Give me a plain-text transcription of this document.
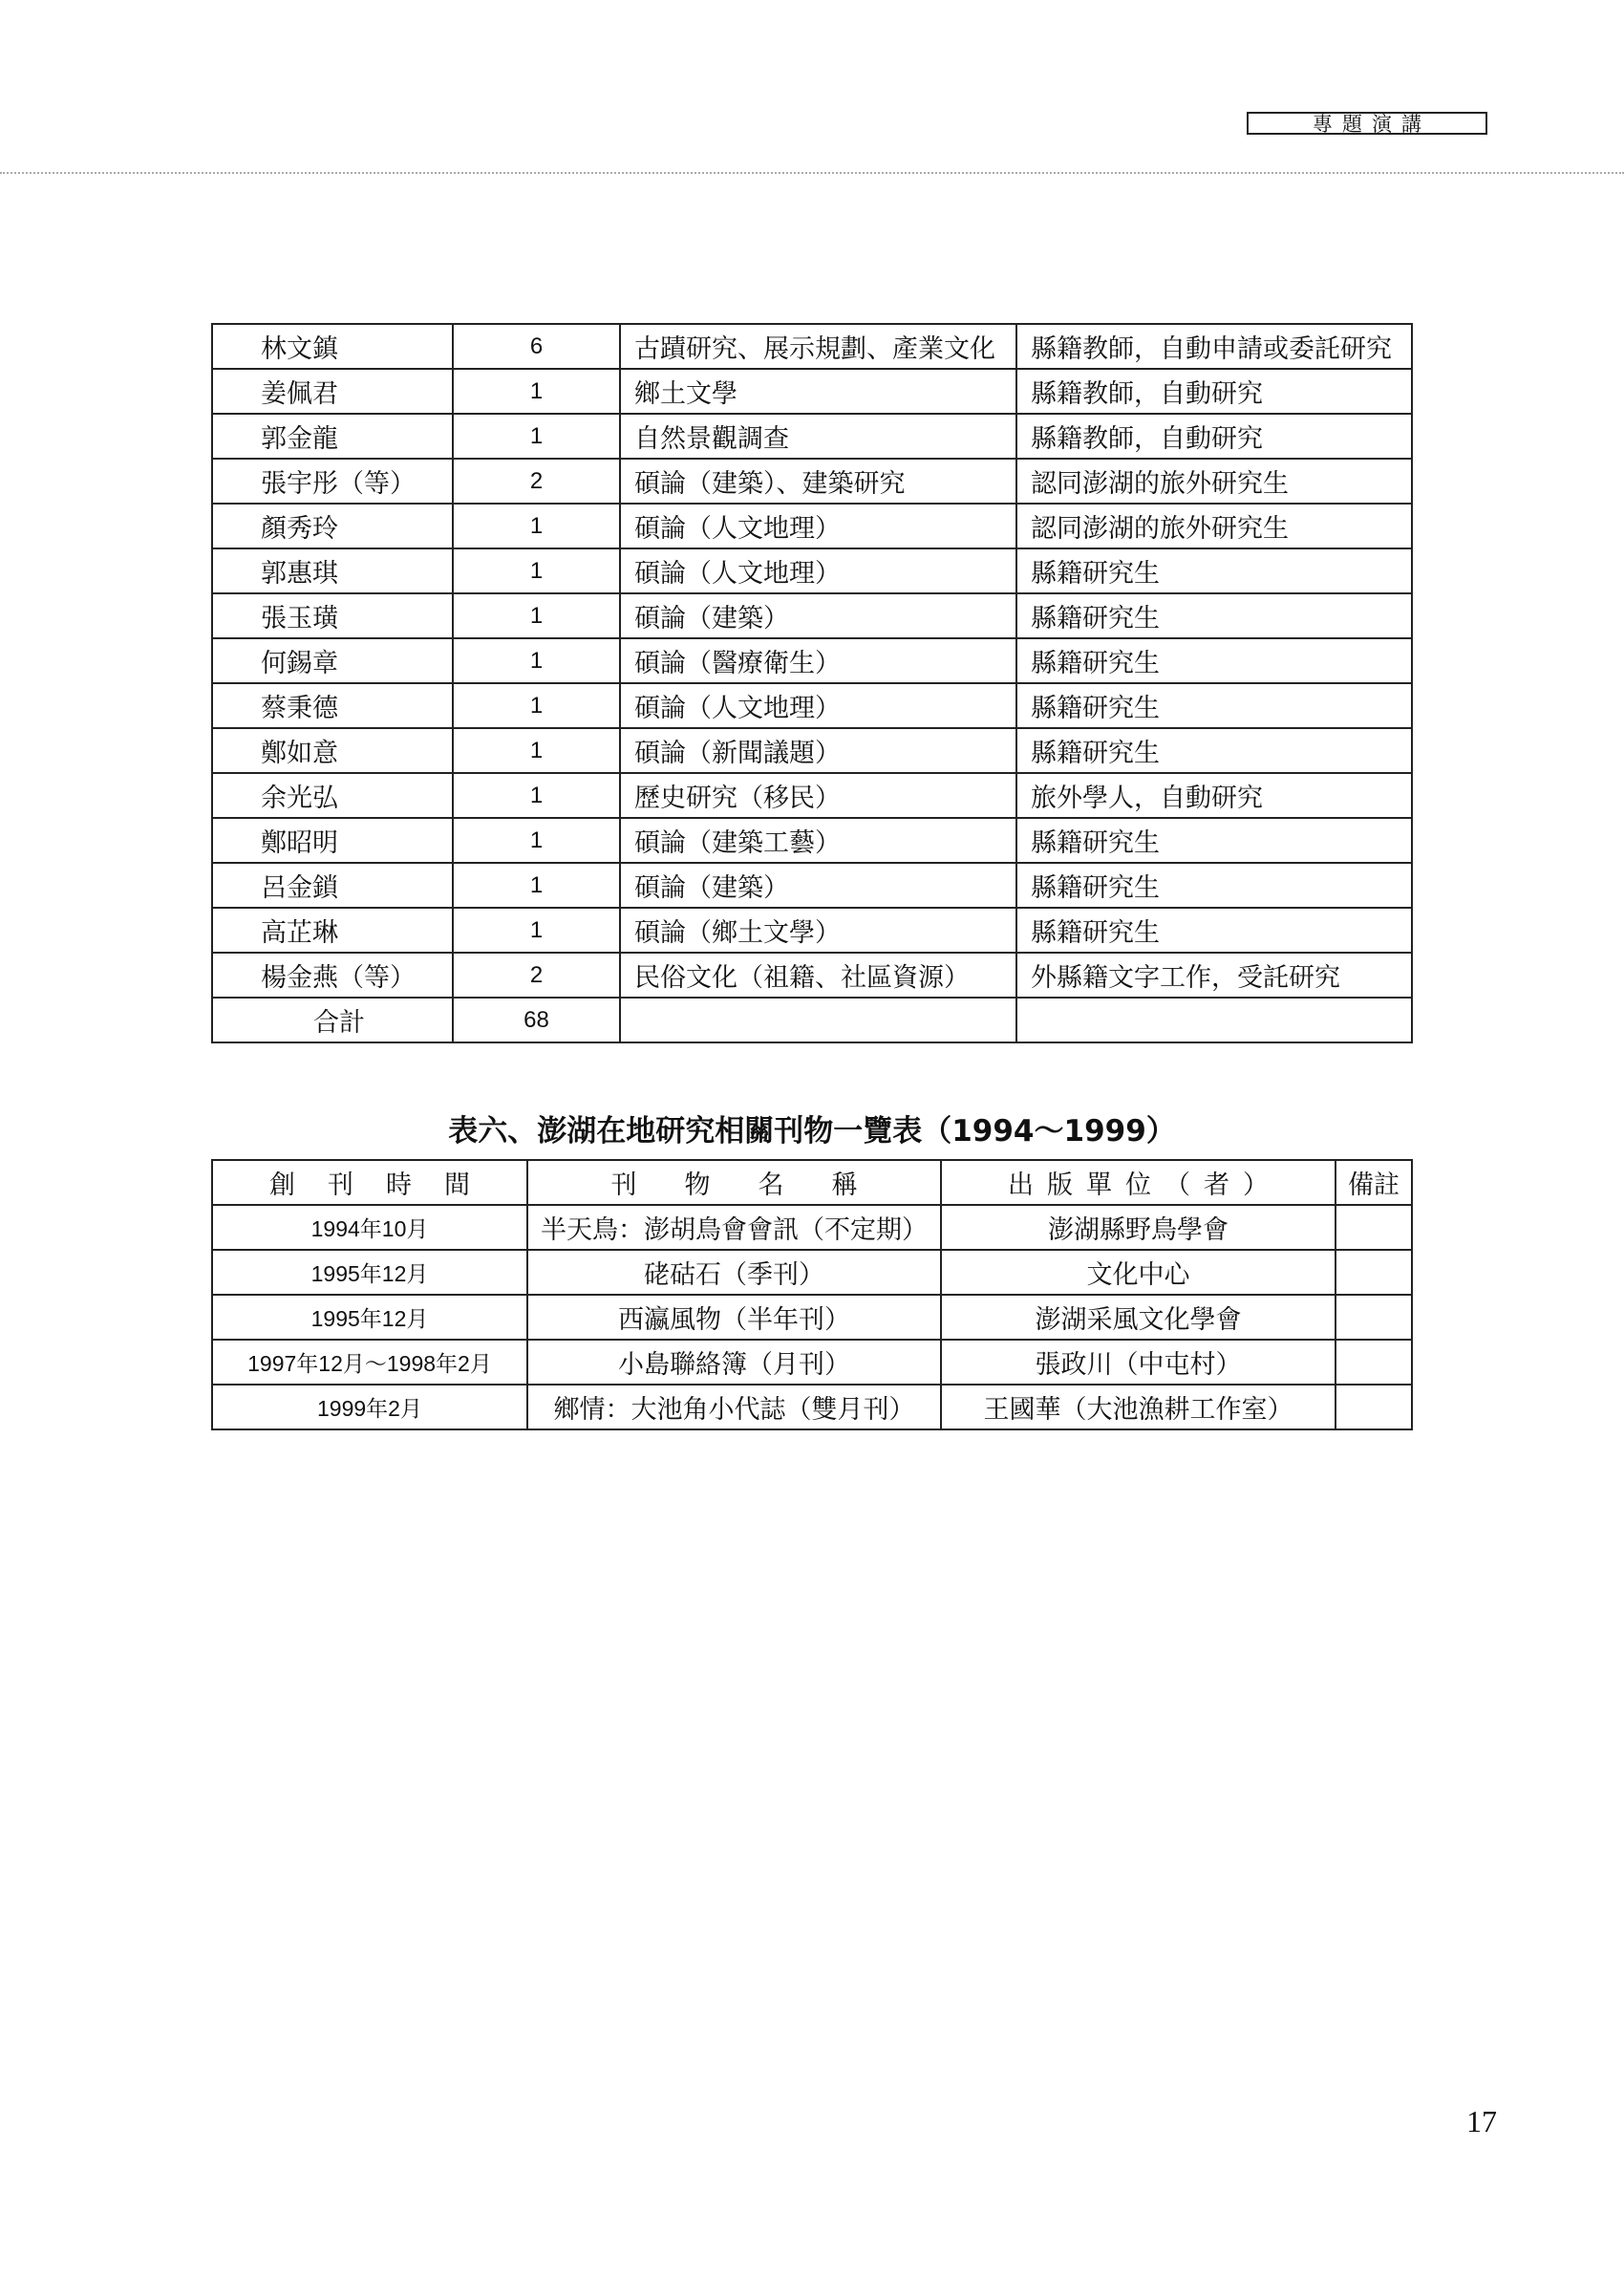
專題演講
林文鎮	6	古蹟研究、展示規劃、產業文化	縣籍教師，自動申請或委託研究
姜佩君	1	鄉土文學	縣籍教師，自動研究
郭金龍	1	自然景觀調查	縣籍教師，自動研究
張宇彤（等）	2	碩論（建築）、建築研究	認同澎湖的旅外研究生
顏秀玲	1	碩論（人文地理）	認同澎湖的旅外研究生
郭惠琪	1	碩論（人文地理）	縣籍研究生
張玉璜	1	碩論（建築）	縣籍研究生
何錫章	1	碩論（醫療衛生）	縣籍研究生
蔡秉德	1	碩論（人文地理）	縣籍研究生
鄭如意	1	碩論（新聞議題）	縣籍研究生
余光弘	1	歷史研究（移民）	旅外學人，自動研究
鄭昭明	1	碩論（建築工藝）	縣籍研究生
呂金鎖	1	碩論（建築）	縣籍研究生
高芷琳	1	碩論（鄉土文學）	縣籍研究生
楊金燕（等）	2	民俗文化（祖籍、社區資源）	外縣籍文字工作，受託研究
合計	68		
表六、澎湖在地研究相關刊物一覽表（1994～1999）
創刊時間	刊物名稱	出版單位（者）	備註
1994年10月	半天鳥：澎胡鳥會會訊（不定期）	澎湖縣野鳥學會	
1995年12月	硓𥑮石（季刊）	文化中心	
1995年12月	西瀛風物（半年刊）	澎湖采風文化學會	
1997年12月～1998年2月	小島聯絡簿（月刊）	張政川（中屯村）	
1999年2月	鄉情：大池角小代誌（雙月刊）	王國華（大池漁耕工作室）	
17
